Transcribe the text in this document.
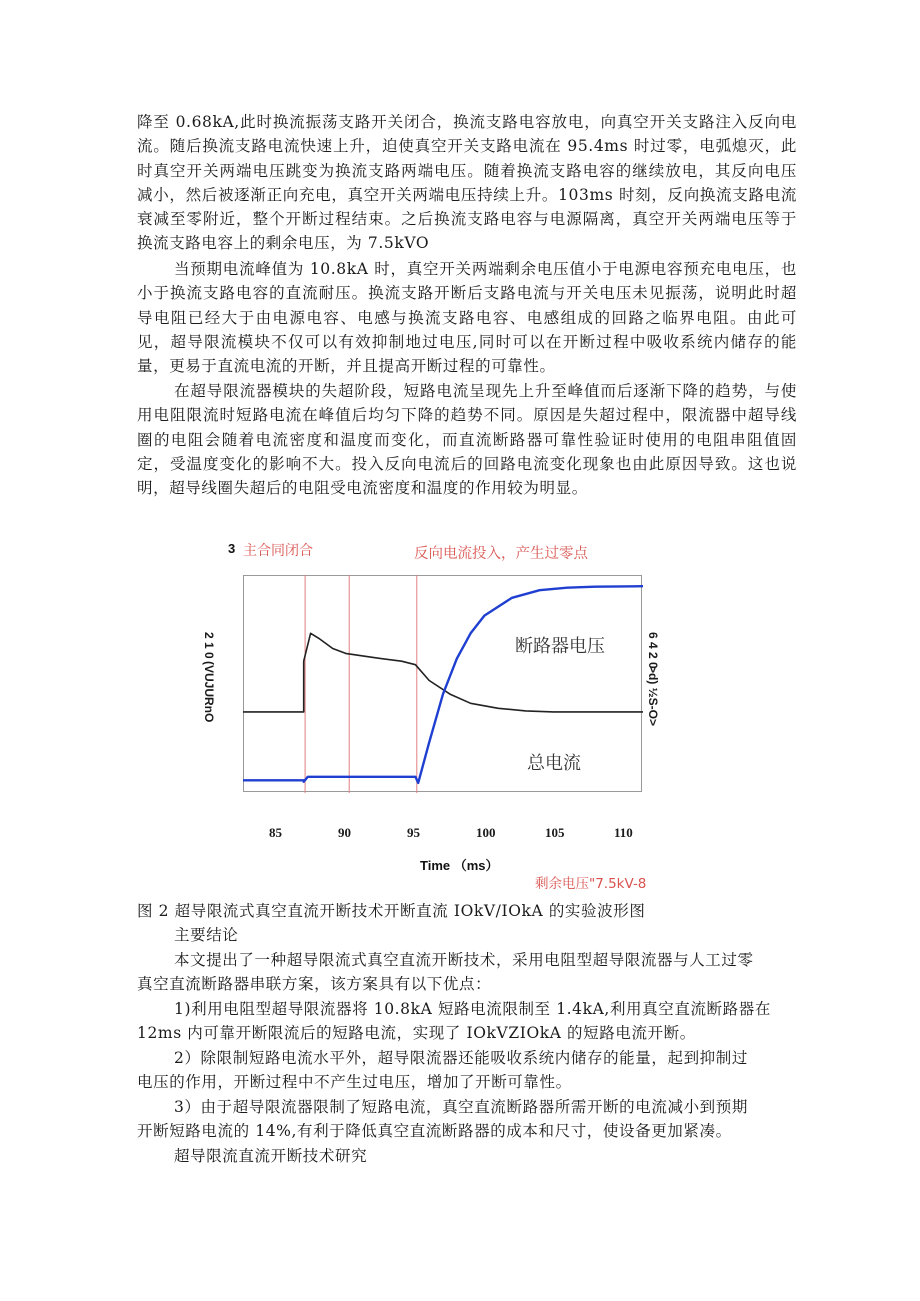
降至 0.68kA,此时换流振荡支路开关闭合，换流支路电容放电，向真空开关支路注入反向电流。随后换流支路电流快速上升，迫使真空开关支路电流在 95.4ms 时过零，电弧熄灭，此时真空开关两端电压跳变为换流支路两端电压。随着换流支路电容的继续放电，其反向电压减小，然后被逐渐正向充电，真空开关两端电压持续上升。103ms 时刻，反向换流支路电流衰减至零附近，整个开断过程结束。之后换流支路电容与电源隔离，真空开关两端电压等于换流支路电容上的剩余电压，为 7.5kVO

当预期电流峰值为 10.8kA 时，真空开关两端剩余电压值小于电源电容预充电电压，也小于换流支路电容的直流耐压。换流支路开断后支路电流与开关电压未见振荡，说明此时超导电阻已经大于由电源电容、电感与换流支路电容、电感组成的回路之临界电阻。由此可见，超导限流模块不仅可以有效抑制地过电压,同时可以在开断过程中吸收系统内储存的能量，更易于直流电流的开断，并且提高开断过程的可靠性。

在超导限流器模块的失超阶段，短路电流呈现先上升至峰值而后逐渐下降的趋势，与使用电阻限流时短路电流在峰值后均匀下降的趋势不同。原因是失超过程中，限流器中超导线圈的电阻会随着电流密度和温度而变化，而直流断路器可靠性验证时使用的电阻串阻值固定，受温度变化的影响不大。投入反向电流后的回路电流变化现象也由此原因导致。这也说明，超导线圈失超后的电阻受电流密度和温度的作用较为明显。

3 主合同闭合	反向电流投入，产生过零点
2 1 0
(VUJURnO
6 4 2 0
>d) ½S-O>
断路器电压
总电流
85	90	95	100	105	110
Time （ms）
剩余电压"7.5kV-8
图 2 超导限流式真空直流开断技术开断直流 IOkV/IOkA 的实验波形图
主要结论
本文提出了一种超导限流式真空直流开断技术，采用电阻型超导限流器与人工过零
真空直流断路器串联方案，该方案具有以下优点：
1)利用电阻型超导限流器将 10.8kA 短路电流限制至 1.4kA,利用真空直流断路器在
12ms 内可靠开断限流后的短路电流，实现了 IOkVZIOkA 的短路电流开断。
2）除限制短路电流水平外，超导限流器还能吸收系统内储存的能量，起到抑制过
电压的作用，开断过程中不产生过电压，增加了开断可靠性。
3）由于超导限流器限制了短路电流，真空直流断路器所需开断的电流减小到预期
开断短路电流的 14%,有利于降低真空直流断路器的成本和尺寸，使设备更加紧凑。
超导限流直流开断技术研究
